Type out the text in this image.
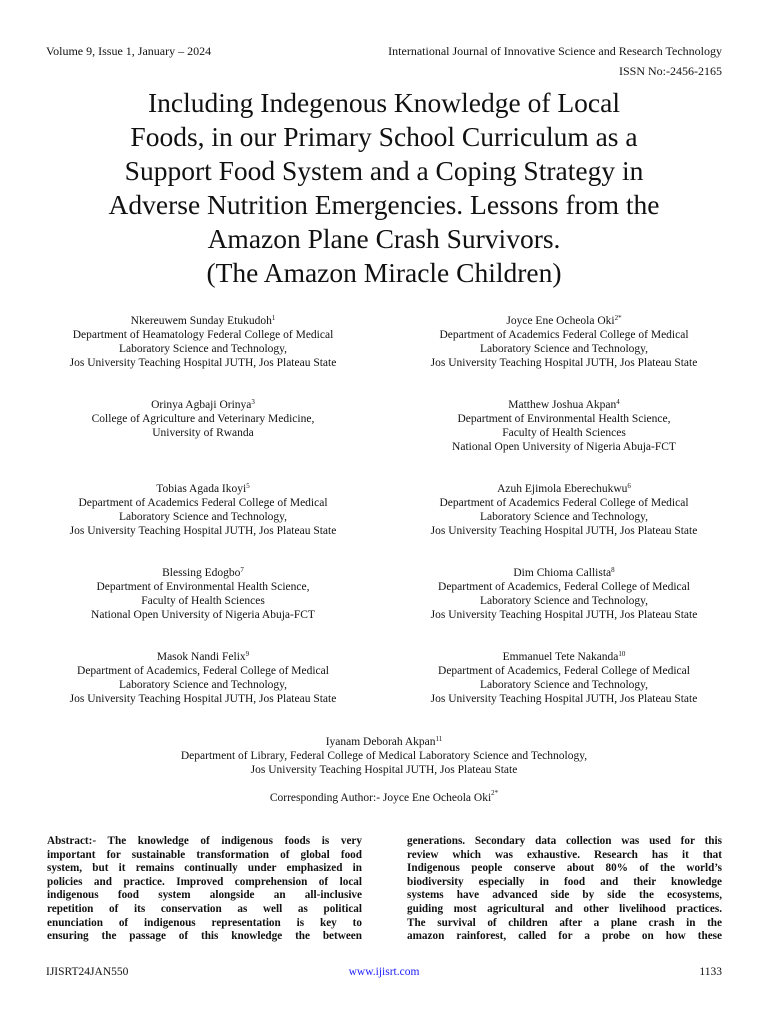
Volume 9, Issue 1, January – 2024	International Journal of Innovative Science and Research Technology
ISSN No:-2456-2165
Including Indegenous Knowledge of Local
Foods, in our Primary School Curriculum as a
Support Food System and a Coping Strategy in
Adverse Nutrition Emergencies. Lessons from the
Amazon Plane Crash Survivors.
(The Amazon Miracle Children)
Nkereuwem Sunday Etukudoh$^1$
Department of Heamatology Federal College of Medical
Laboratory Science and Technology,
Jos University Teaching Hospital JUTH, Jos Plateau State
Joyce Ene Ocheola Oki$^{2*}$
Department of Academics Federal College of Medical
Laboratory Science and Technology,
Jos University Teaching Hospital JUTH, Jos Plateau State
Orinya Agbaji Orinya$^3$
College of Agriculture and Veterinary Medicine,
University of Rwanda
Matthew Joshua Akpan$^4$
Department of Environmental Health Science,
Faculty of Health Sciences
National Open University of Nigeria Abuja-FCT
Tobias Agada Ikoyi$^5$
Department of Academics Federal College of Medical
Laboratory Science and Technology,
Jos University Teaching Hospital JUTH, Jos Plateau State
Azuh Ejimola Eberechukwu$^6$
Department of Academics Federal College of Medical
Laboratory Science and Technology,
Jos University Teaching Hospital JUTH, Jos Plateau State
Blessing Edogbo$^7$
Department of Environmental Health Science,
Faculty of Health Sciences
National Open University of Nigeria Abuja-FCT
Dim Chioma Callista$^8$
Department of Academics, Federal College of Medical
Laboratory Science and Technology,
Jos University Teaching Hospital JUTH, Jos Plateau State
Masok Nandi Felix$^9$
Department of Academics, Federal College of Medical
Laboratory Science and Technology,
Jos University Teaching Hospital JUTH, Jos Plateau State
Emmanuel Tete Nakanda$^{10}$
Department of Academics, Federal College of Medical
Laboratory Science and Technology,
Jos University Teaching Hospital JUTH, Jos Plateau State
Iyanam Deborah Akpan$^{11}$
Department of Library, Federal College of Medical Laboratory Science and Technology,
Jos University Teaching Hospital JUTH, Jos Plateau State
Corresponding Author:- Joyce Ene Ocheola Oki$^{2*}$
Abstract:- The knowledge of indigenous foods is very
important for sustainable transformation of global food
system, but it remains continually under emphasized in
policies and practice. Improved comprehension of local
indigenous food system alongside an all-inclusive
repetition of its conservation as well as political
enunciation of indigenous representation is key to
ensuring the passage of this knowledge the between
generations. Secondary data collection was used for this
review which was exhaustive. Research has it that
Indigenous people conserve about 80% of the world’s
biodiversity especially in food and their knowledge
systems have advanced side by side the ecosystems,
guiding most agricultural and other livelihood practices.
The survival of children after a plane crash in the
amazon rainforest, called for a probe on how these
IJISRT24JAN550	www.ijisrt.com	1133
